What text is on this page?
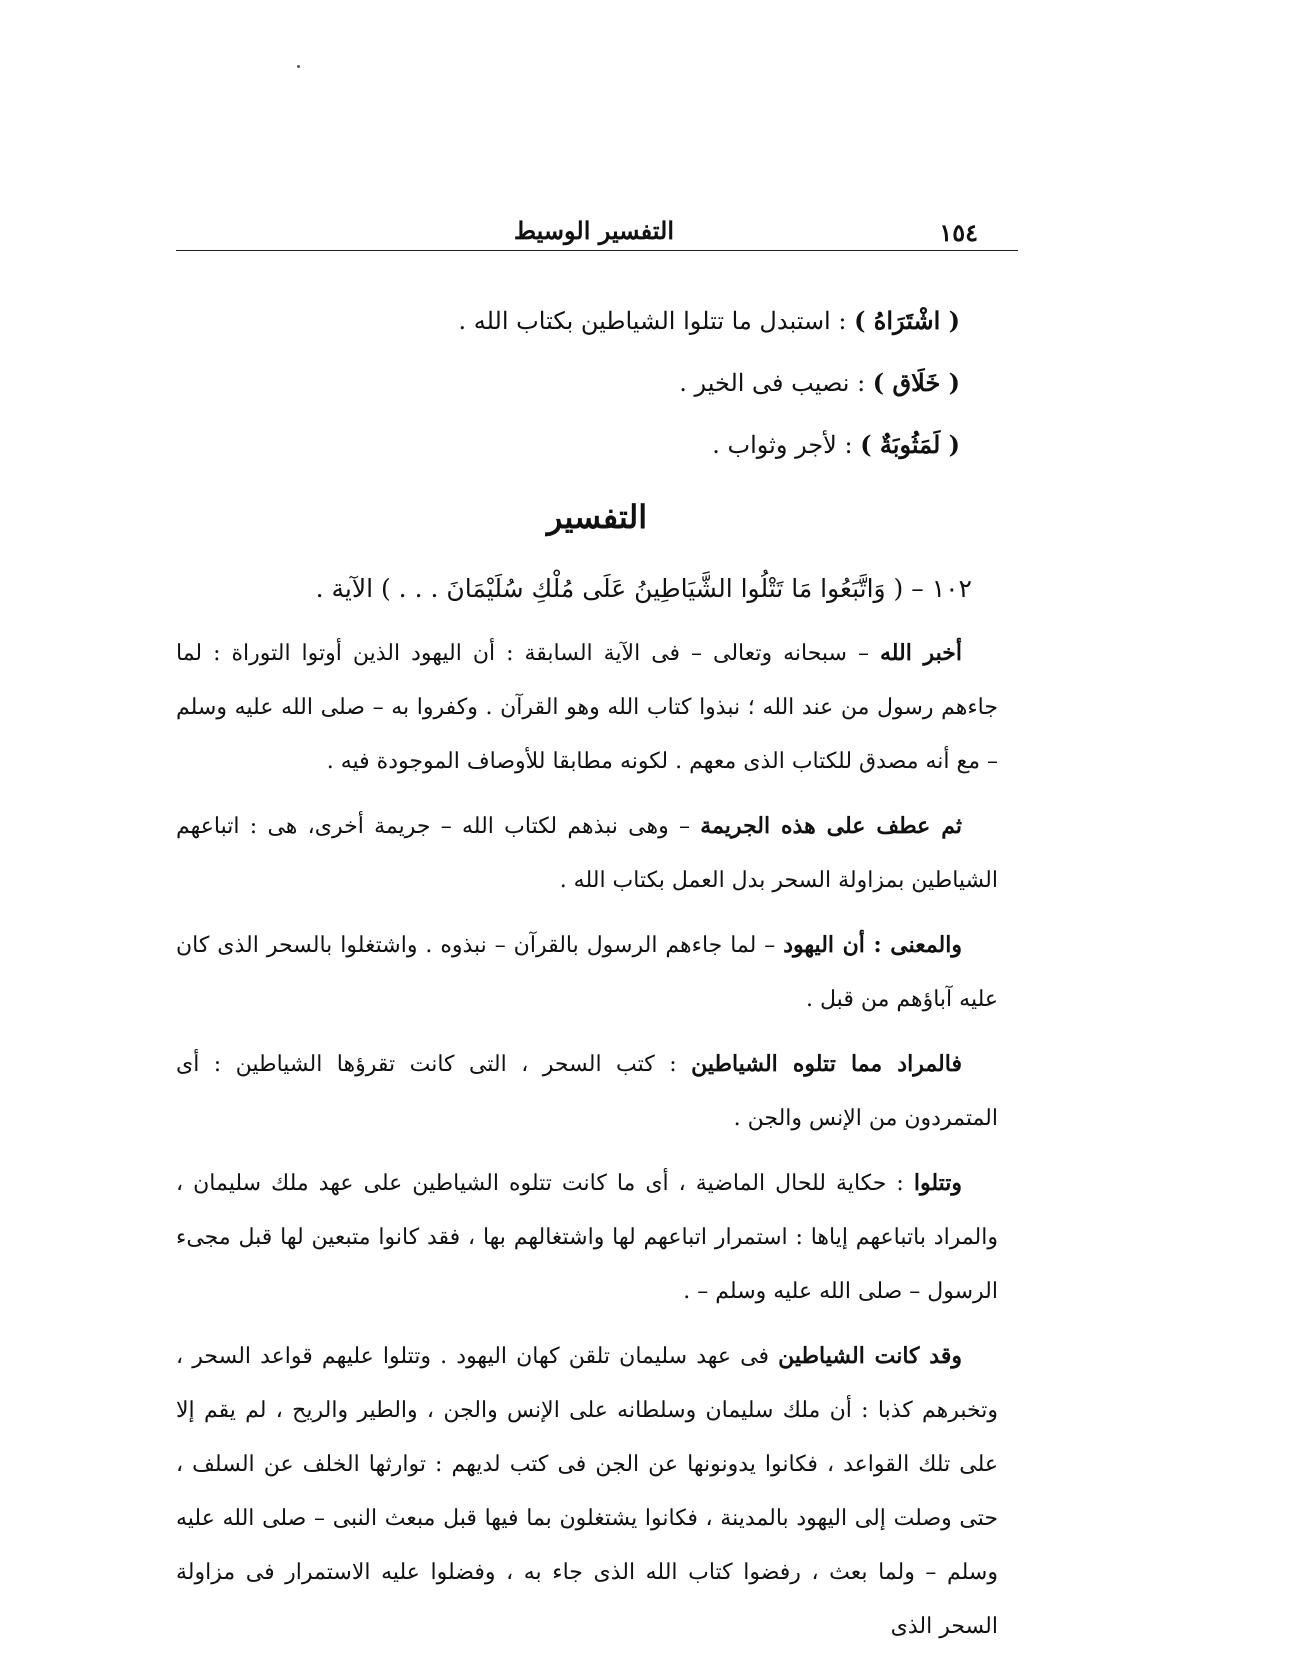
١٥٤
التفسير الوسيط
( اشْتَرَاهُ ) : استبدل ما تتلوا الشياطين بكتاب الله .
( خَلَاق ) : نصيب فى الخير .
( لَمَثُوبَةٌ ) : لأجر وثواب .
التفسير
١٠٢ – ( وَاتَّبَعُوا مَا تَتْلُوا الشَّيَاطِينُ عَلَى مُلْكِ سُلَيْمَانَ . . . ) الآية .

أخبر الله – سبحانه وتعالى – فى الآية السابقة : أن اليهود الذين أوتوا التوراة : لما جاءهم رسول من عند الله ؛ نبذوا كتاب الله وهو القرآن . وكفروا به – صلى الله عليه وسلم – مع أنه مصدق للكتاب الذى معهم . لكونه مطابقا للأوصاف الموجودة فيه .

ثم عطف على هذه الجريمة – وهى نبذهم لكتاب الله – جريمة أخرى، هى : اتباعهم الشياطين بمزاولة السحر بدل العمل بكتاب الله .

والمعنى : أن اليهود – لما جاءهم الرسول بالقرآن – نبذوه . واشتغلوا بالسحر الذى كان عليه آباؤهم من قبل .

فالمراد مما تتلوه الشياطين : كتب السحر ، التى كانت تقرؤها الشياطين : أى المتمردون من الإنس والجن .

وتتلوا : حكاية للحال الماضية ، أى ما كانت تتلوه الشياطين على عهد ملك سليمان ، والمراد باتباعهم إياها : استمرار اتباعهم لها واشتغالهم بها ، فقد كانوا متبعين لها قبل مجىء الرسول – صلى الله عليه وسلم – .

وقد كانت الشياطين فى عهد سليمان تلقن كهان اليهود . وتتلوا عليهم قواعد السحر ، وتخبرهم كذبا : أن ملك سليمان وسلطانه على الإنس والجن ، والطير والريح ، لم يقم إلا على تلك القواعد ، فكانوا يدونونها عن الجن فى كتب لديهم : توارثها الخلف عن السلف ، حتى وصلت إلى اليهود بالمدينة ، فكانوا يشتغلون بما فيها قبل مبعث النبى – صلى الله عليه وسلم – ولما بعث ، رفضوا كتاب الله الذى جاء به ، وفضلوا عليه الاستمرار فى مزاولة السحر الذى
